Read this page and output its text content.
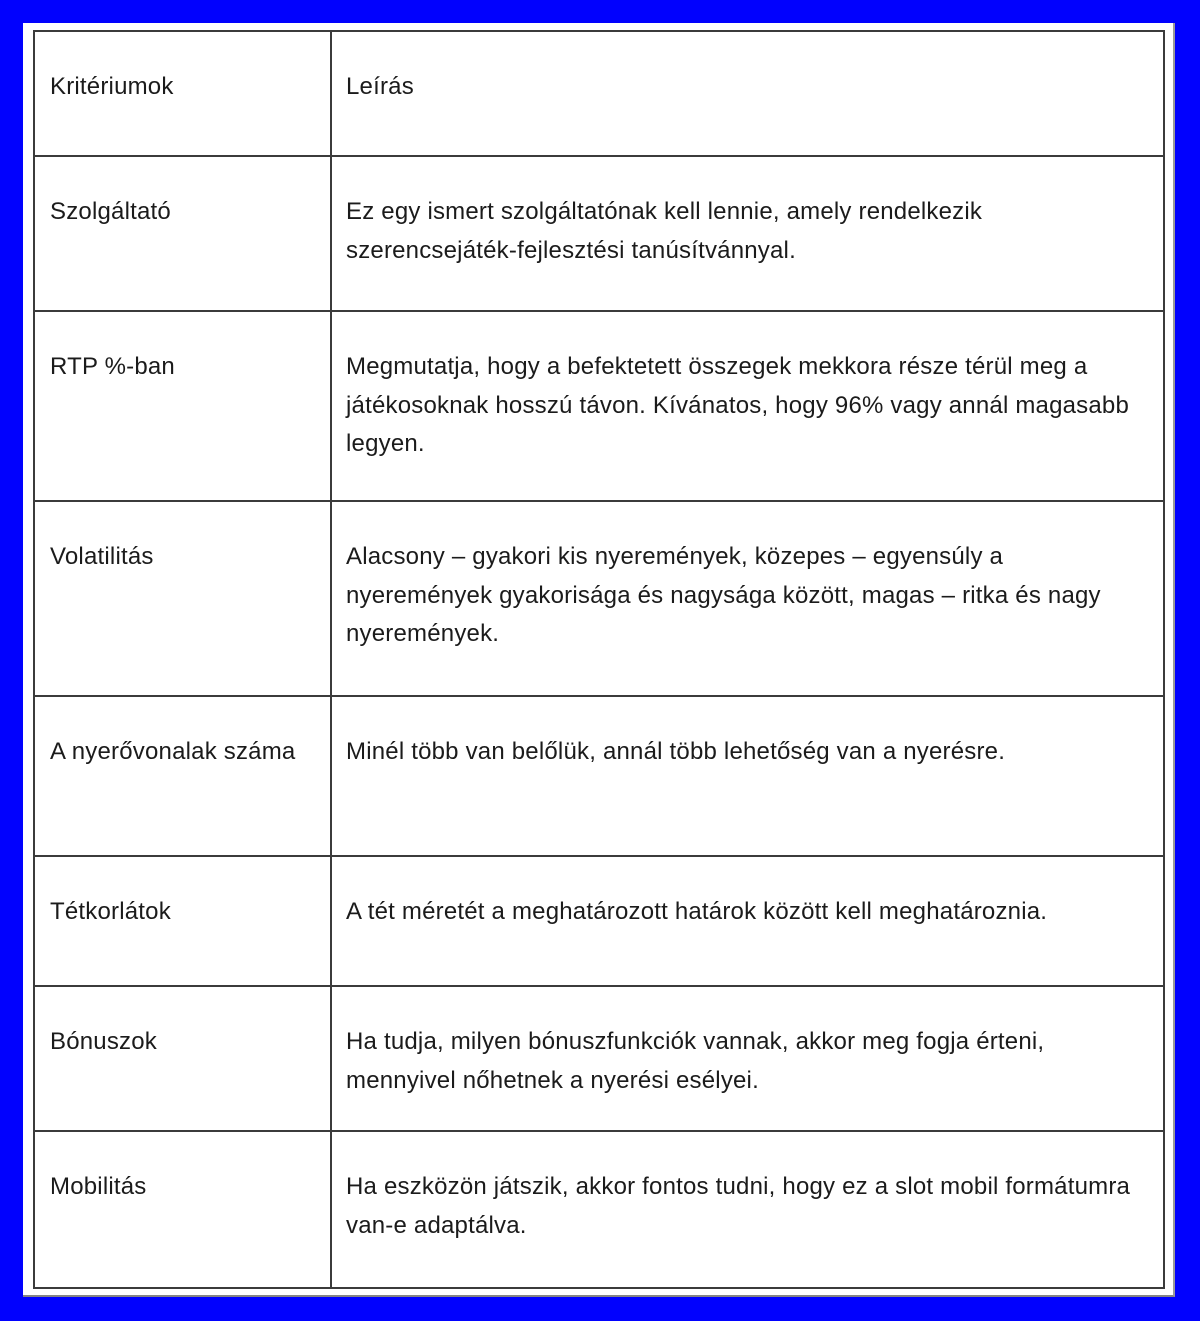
Kritériumok	Leírás
Szolgáltató	Ez egy ismert szolgáltatónak kell lennie, amely rendelkezik szerencsejáték-fejlesztési tanúsítvánnyal.
RTP %-ban	Megmutatja, hogy a befektetett összegek mekkora része térül meg a játékosoknak hosszú távon. Kívánatos, hogy 96% vagy annál magasabb legyen.
Volatilitás	Alacsony – gyakori kis nyeremények, közepes – egyensúly a nyeremények gyakorisága és nagysága között, magas – ritka és nagy nyeremények.
A nyerővonalak száma	Minél több van belőlük, annál több lehetőség van a nyerésre.
Tétkorlátok	A tét méretét a meghatározott határok között kell meghatároznia.
Bónuszok	Ha tudja, milyen bónuszfunkciók vannak, akkor meg fogja érteni, mennyivel nőhetnek a nyerési esélyei.
Mobilitás	Ha eszközön játszik, akkor fontos tudni, hogy ez a slot mobil formátumra van-e adaptálva.
